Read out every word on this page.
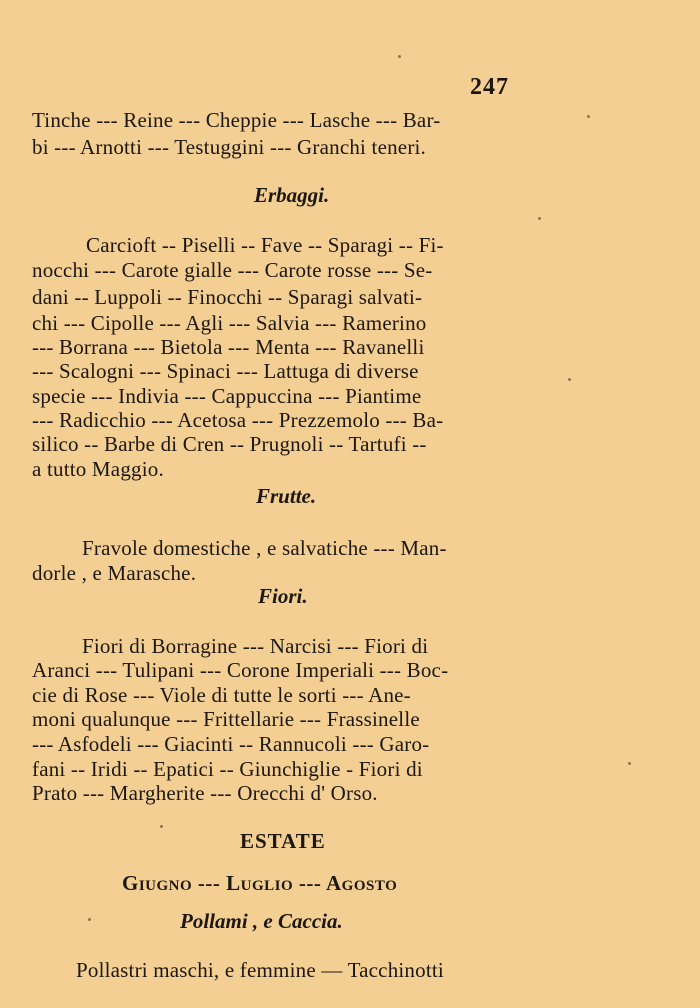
247
Tinche --- Reine --- Cheppie --- Lasche --- Bar-
bi --- Arnotti --- Testuggini --- Granchi teneri.
Erbaggi.
Carcioft -- Piselli -- Fave -- Sparagi -- Fi-
nocchi --- Carote gialle --- Carote rosse --- Se-
dani -- Luppoli -- Finocchi -- Sparagi salvati-
chi --- Cipolle --- Agli --- Salvia --- Ramerino
--- Borrana --- Bietola --- Menta --- Ravanelli
--- Scalogni --- Spinaci --- Lattuga di diverse
specie --- Indivia --- Cappuccina --- Piantime
--- Radicchio --- Acetosa --- Prezzemolo --- Ba-
silico -- Barbe di Cren -- Prugnoli -- Tartufi --
a tutto Maggio.
Frutte.
Fravole domestiche , e salvatiche --- Man-
dorle , e Marasche.
Fiori.
Fiori di Borragine --- Narcisi --- Fiori di
Aranci --- Tulipani --- Corone Imperiali --- Boc-
cie di Rose --- Viole di tutte le sorti --- Ane-
moni qualunque --- Frittellarie --- Frassinelle
--- Asfodeli --- Giacinti -- Rannucoli --- Garo-
fani -- Iridi -- Epatici -- Giunchiglie - Fiori di
Prato --- Margherite --- Orecchi d' Orso.
ESTATE
Giugno --- Luglio --- Agosto
Pollami , e Caccia.
Pollastri maschi, e femmine — Tacchinotti
